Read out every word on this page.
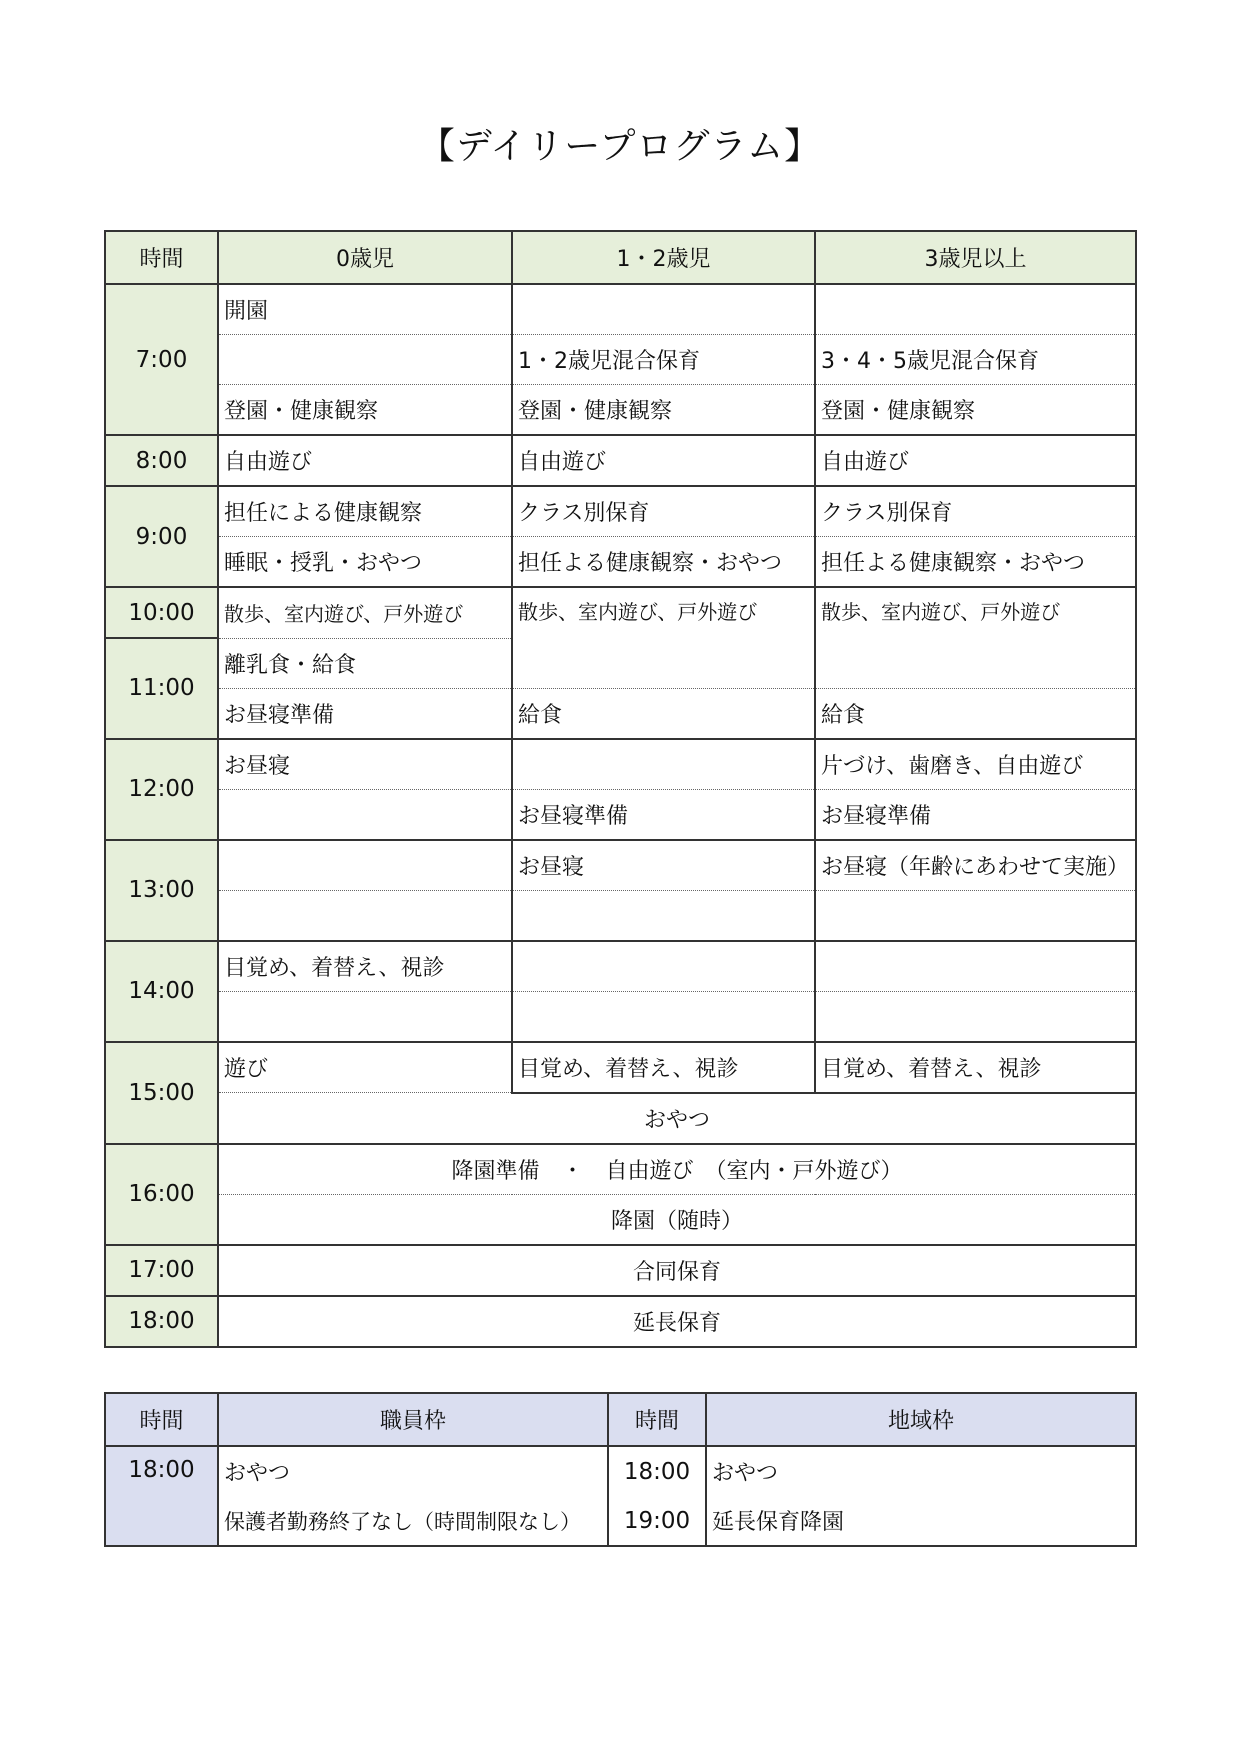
【デイリープログラム】
時間	0歳児	1・2歳児	3歳児以上
7:00	開園		
		1・2歳児混合保育	3・4・5歳児混合保育
	登園・健康観察	登園・健康観察	登園・健康観察
8:00	自由遊び	自由遊び	自由遊び
9:00	担任による健康観察	クラス別保育	クラス別保育
	睡眠・授乳・おやつ	担任よる健康観察・おやつ	担任よる健康観察・おやつ
10:00	散歩、室内遊び、戸外遊び	散歩、室内遊び、戸外遊び	散歩、室内遊び、戸外遊び
11:00	離乳食・給食		
	お昼寝準備	給食	給食
12:00	お昼寝		片づけ、歯磨き、自由遊び
		お昼寝準備	お昼寝準備
13:00		お昼寝	お昼寝（年齢にあわせて実施）

14:00	目覚め、着替え、視診		

15:00	遊び	目覚め、着替え、視診	目覚め、着替え、視診
	おやつ		
16:00	降園準備　・　自由遊び　（室内・戸外遊び）		
	降園（随時）		
17:00	合同保育		
18:00	延長保育		
時間	職員枠	時間	地域枠
18:00	おやつ	18:00	おやつ
	保護者勤務終了なし（時間制限なし）	19:00	延長保育降園
